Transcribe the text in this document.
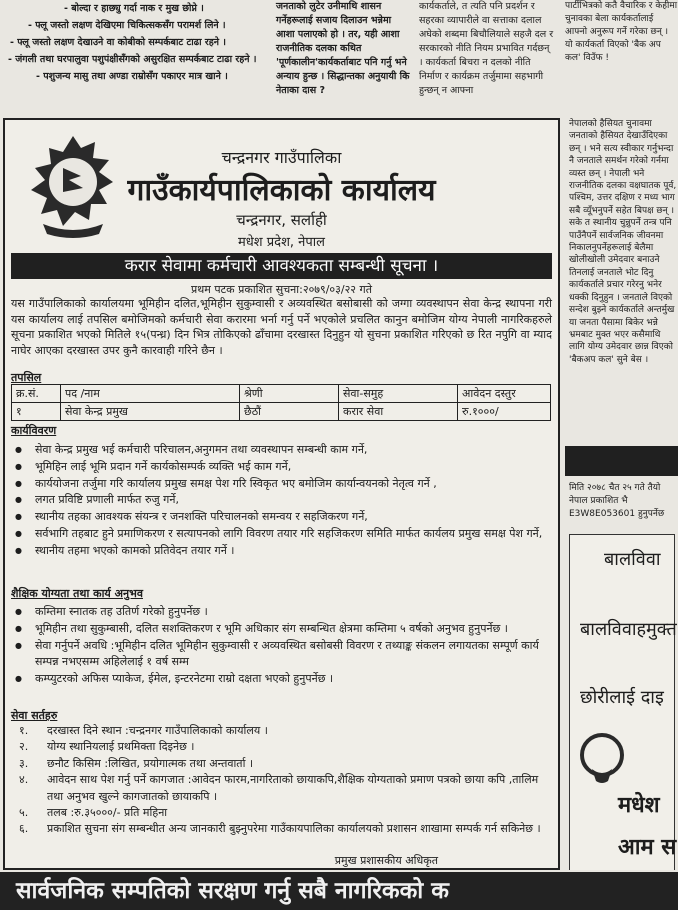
- बोल्दा र हाछ्यु गर्दा नाक र मुख छोप्ने ।
- फ्लू जस्तो लक्षण देखिएमा चिकित्सकसँग परामर्श लिने ।
- फ्लू जस्तो लक्षण देखाउने वा कोबीको सम्पर्कबाट टाढा रहने ।
- जंगली तथा घरपालुवा पशुपंक्षीसँगको असुरक्षित सम्पर्कबाट टाढा रहने ।
- पशुजन्य मासु तथा अण्डा राम्रोसँग पकाएर मात्र खाने ।
जनताको लुटेर उनीमाथि शासन गर्नेहरूलाई सजाय दिलाउन भन्नेमा आशा पलाएको हो । तर, यही आशा राजनीतिक दलका कथित 'पूर्णकालीन'कार्यकर्ताबाट पनि गर्नु भने अन्याय हुन्छ । सिद्धान्तका अनुयायी कि नेताका दास ?
कार्यकर्ताले, त त्यति पनि प्रदर्शन र सहरका व्यापारीले वा सत्ताका दलाल अघेको शब्दमा बिचौलियाले सहजै दल र सरकारको नीति नियम प्रभावित गर्दछन् । कार्यकर्ता बिचरा न दलको नीति निर्माण र कार्यक्रम तर्जुमामा सहभागी हुन्छन् न आफ्ना
पार्टीभित्रको कतै वैचारिक र केहीमा चुनावका बेला कार्यकर्तालाई आफ्नो अनुरूप गर्ने गरेका छन् । यो कार्यकर्ता विएको 'बैक अप कल' विउँफ !
नेपालको हैसियत चुनावमा जनताको हैसियत देखाउँदिएका छन् । भने सत्य स्वीकार गर्नुभन्दा नै जनताले समर्थन गरेको गर्नमा व्यस्त छन् । नेपाली भने राजनीतिक दलका वक्षघातक पूर्व, पश्चिम, उत्तर दक्षिण र मध्य भाग सबै व्यूँभनुपर्ने सहेत बिपक्ष छन् । सके त स्थानीय चुन्नुपर्ने तन्त्र पनि पाउँनैपर्ने सार्वजनिक जीवनमा निकालनुपर्नेहरूलाई बेलैमा खोलीखोली उमेदवार बनाउने तिनलाई जनताले भोट दिनु कार्यकर्ताले प्रचार गरेरनु भनेर धक्की दिनुहुन । जनताले विएको सन्देश बुझ्ने कार्यकर्ताले अन्तर्मुख या जनता पैसामा बिकेर भन्ने भ्रमबाट मुक्त भएर कसैमाथि लागि योग्य उमेदवार छान्न विएको 'बैकअप कल' सुने बेस ।
चन्द्रनगर गाउँपालिका
गाउँकार्यपालिकाको कार्यालय
चन्द्रनगर, सर्लाही
मधेश प्रदेश, नेपाल
करार सेवामा कर्मचारी आवश्यकता सम्बन्धी सूचना ।
प्रथम पटक प्रकाशित सुचना:२०७९/०३/२२ गते
यस गाउँपालिकाको कार्यालयमा भूमिहीन दलित,भूमिहीन सुकुम्वासी र अव्यवस्थित बसोबासी को जग्गा व्यवस्थापन सेवा केन्द्र स्थापना गरी यस कार्यालय लाई तपसिल बमोजिमको कर्मचारी सेवा करारमा भर्ना गर्नु पर्ने भएकोले प्रचलित कानुन बमोजिम योग्य नेपाली नागरिकहरुले सूचना प्रकाशित भएको मितिले १५(पन्ध्र) दिन भित्र तोकिएको ढाँचामा दरखास्त दिनुहुन यो सुचना प्रकाशित गरिएको छ रित नपुगि वा म्याद नाघेर आएका दरखास्त उपर कुनै कारवाही गरिने छैन ।
तपसिल
क्र.सं.	पद /नाम	श्रेणी	सेवा-समुह	आवेदन दस्तुर
१	सेवा केन्द्र प्रमुख	छैठौं	करार सेवा	रु.१०००/
कार्यविवरण
● सेवा केन्द्र प्रमुख भई कर्मचारी परिचालन,अनुगमन तथा व्यवस्थापन सम्बन्धी काम गर्ने,
● भूमिहिन लाई भूमि प्रदान गर्ने कार्यकोसम्पर्क व्यक्ति भई काम गर्ने,
● कार्ययोजना तर्जुमा गरि कार्यालय प्रमुख समक्ष पेश गरि स्विकृत भए बमोजिम कार्यान्वयनको नेतृत्व गर्ने ,
● लगत प्रविष्टि प्रणाली मार्फत रुजु गर्ने,
● स्थानीय तहका आवश्यक संयन्त्र र जनशक्ति परिचालनको समन्वय र सहजिकरण गर्ने,
● सर्वभागि तहबाट हुने प्रमाणिकरण र सत्यापनको लागि विवरण तयार गरि सहजिकरण समिति मार्फत कार्यलय प्रमुख समक्ष पेश गर्ने,
● स्थानीय तहमा भएको कामको प्रतिवेदन तयार गर्ने ।
शैक्षिक योग्यता तथा कार्य अनुभव
● कम्तिमा स्नातक तह उतिर्ण गरेको हुनुपर्नेछ ।
● भूमिहीन तथा सुकुम्बासी, दलित सशक्तिकरण र भूमि अधिकार संग सम्बन्धित क्षेत्रमा कम्तिमा ५ वर्षको अनुभव हुनुपर्नेछ ।
● सेवा गर्नुपर्ने अवधि :भूमिहीन दलित भूमिहीन सुकुम्वासी र अव्यवस्थित बसोबसी विवरण र तथ्याङ्क संकलन लगायतका सम्पूर्ण कार्य सम्पन्न नभएसम्म अहिलेलाई १ वर्ष सम्म
● कम्प्युटरको अफिस प्याकेज, ईमेल, इन्टरनेटमा राम्रो दक्षता भएको हुनुपर्नेछ ।
सेवा सर्तहरु
१.	दरखास्त दिने स्थान :चन्द्रनगर गाउँपालिकाको कार्यालय ।
२.	योग्य स्थानियलाई प्रथमिक्ता दिइनेछ ।
३.	छनौट किसिम :लिखित, प्रयोगात्मक तथा अन्तवार्ता ।
४.	आवेदन साथ पेश गर्नु पर्ने कागजात :आवेदन फारम,नागरिताको छायाकपि,शैक्षिक योग्यताको प्रमाण पत्रको छाया कपि ,तालिम तथा अनुभव खुल्ने कागजातको छायाकपि ।
५.	तलब :रु.३५०००/- प्रति महिना
६.	प्रकाशित सुचना संग सम्बन्धीत अन्य जानकारी बुझ्नुपरेमा गाउँकायपालिका कार्यालयको प्रशासन शाखामा सम्पर्क गर्न सकिनेछ ।
प्रमुख प्रशासकीय अधिकृत
मिति २०७८ चैत २५ गते तैयो नेपाल प्रकाशित भै E3W8E053601 हुनुपर्नेछ
बालविवा
बालविवाहमुक्त
छोरीलाई दाइ
मधेश
आम स
सार्वजनिक सम्पतिको सरक्षण गर्नु सबै नागरिकको क
